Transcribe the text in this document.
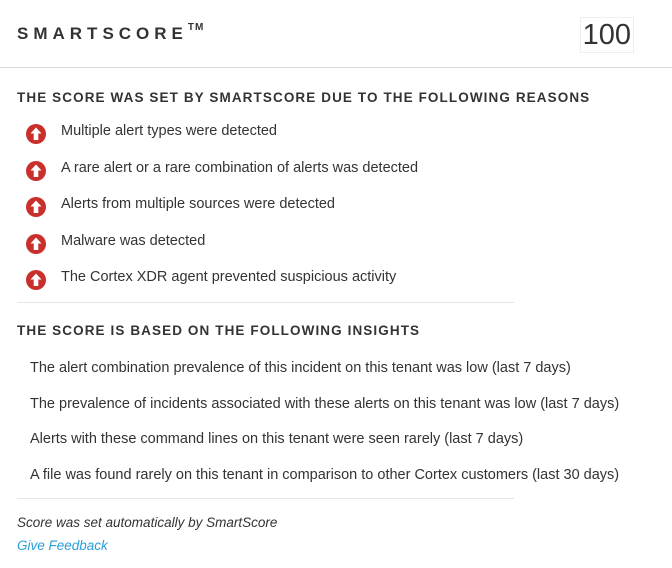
SMARTSCORE™	100
THE SCORE WAS SET BY SMARTSCORE DUE TO THE FOLLOWING REASONS
Multiple alert types were detected
A rare alert or a rare combination of alerts was detected
Alerts from multiple sources were detected
Malware was detected
The Cortex XDR agent prevented suspicious activity
THE SCORE IS BASED ON THE FOLLOWING INSIGHTS
The alert combination prevalence of this incident on this tenant was low (last 7 days)
The prevalence of incidents associated with these alerts on this tenant was low (last 7 days)
Alerts with these command lines on this tenant were seen rarely (last 7 days)
A file was found rarely on this tenant in comparison to other Cortex customers (last 30 days)
Score was set automatically by SmartScore
Give Feedback
